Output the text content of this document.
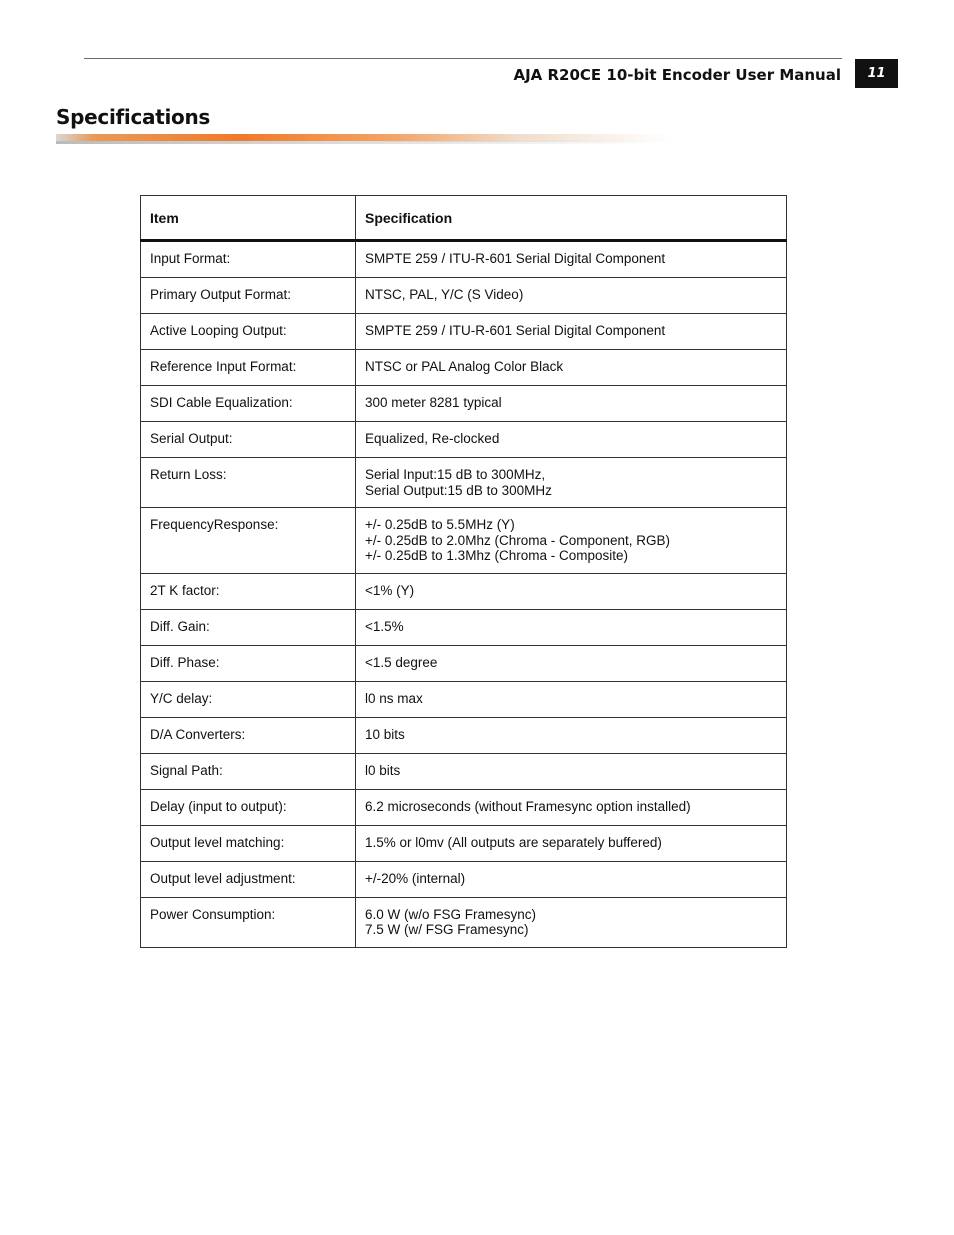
AJA R20CE 10-bit Encoder User Manual	11
Specifications
Item	Specification
Input Format:	SMPTE 259 / ITU-R-601 Serial Digital Component

Primary Output Format:	NTSC, PAL, Y/C (S Video)

Active Looping Output:	SMPTE 259 / ITU-R-601 Serial Digital Component

Reference Input Format:	NTSC or PAL Analog Color Black

SDI Cable Equalization:	300 meter 8281 typical

Serial Output:	Equalized, Re-clocked

Return Loss:	Serial Input:15 dB to 300MHz,
Serial Output:15 dB to 300MHz

FrequencyResponse:	+/- 0.25dB to 5.5MHz (Y)
+/- 0.25dB to 2.0Mhz (Chroma - Component, RGB)
+/- 0.25dB to 1.3Mhz (Chroma - Composite)

2T K factor:	<1% (Y)

Diff. Gain:	<1.5%

Diff. Phase:	<1.5 degree

Y/C delay:	l0 ns max

D/A Converters:	10 bits

Signal Path:	l0 bits

Delay (input to output):	6.2 microseconds (without Framesync option installed)

Output level matching:	1.5% or l0mv (All outputs are separately buffered)

Output level adjustment:	+/-20% (internal)

Power Consumption:	6.0 W (w/o FSG Framesync)
7.5 W (w/ FSG Framesync)
